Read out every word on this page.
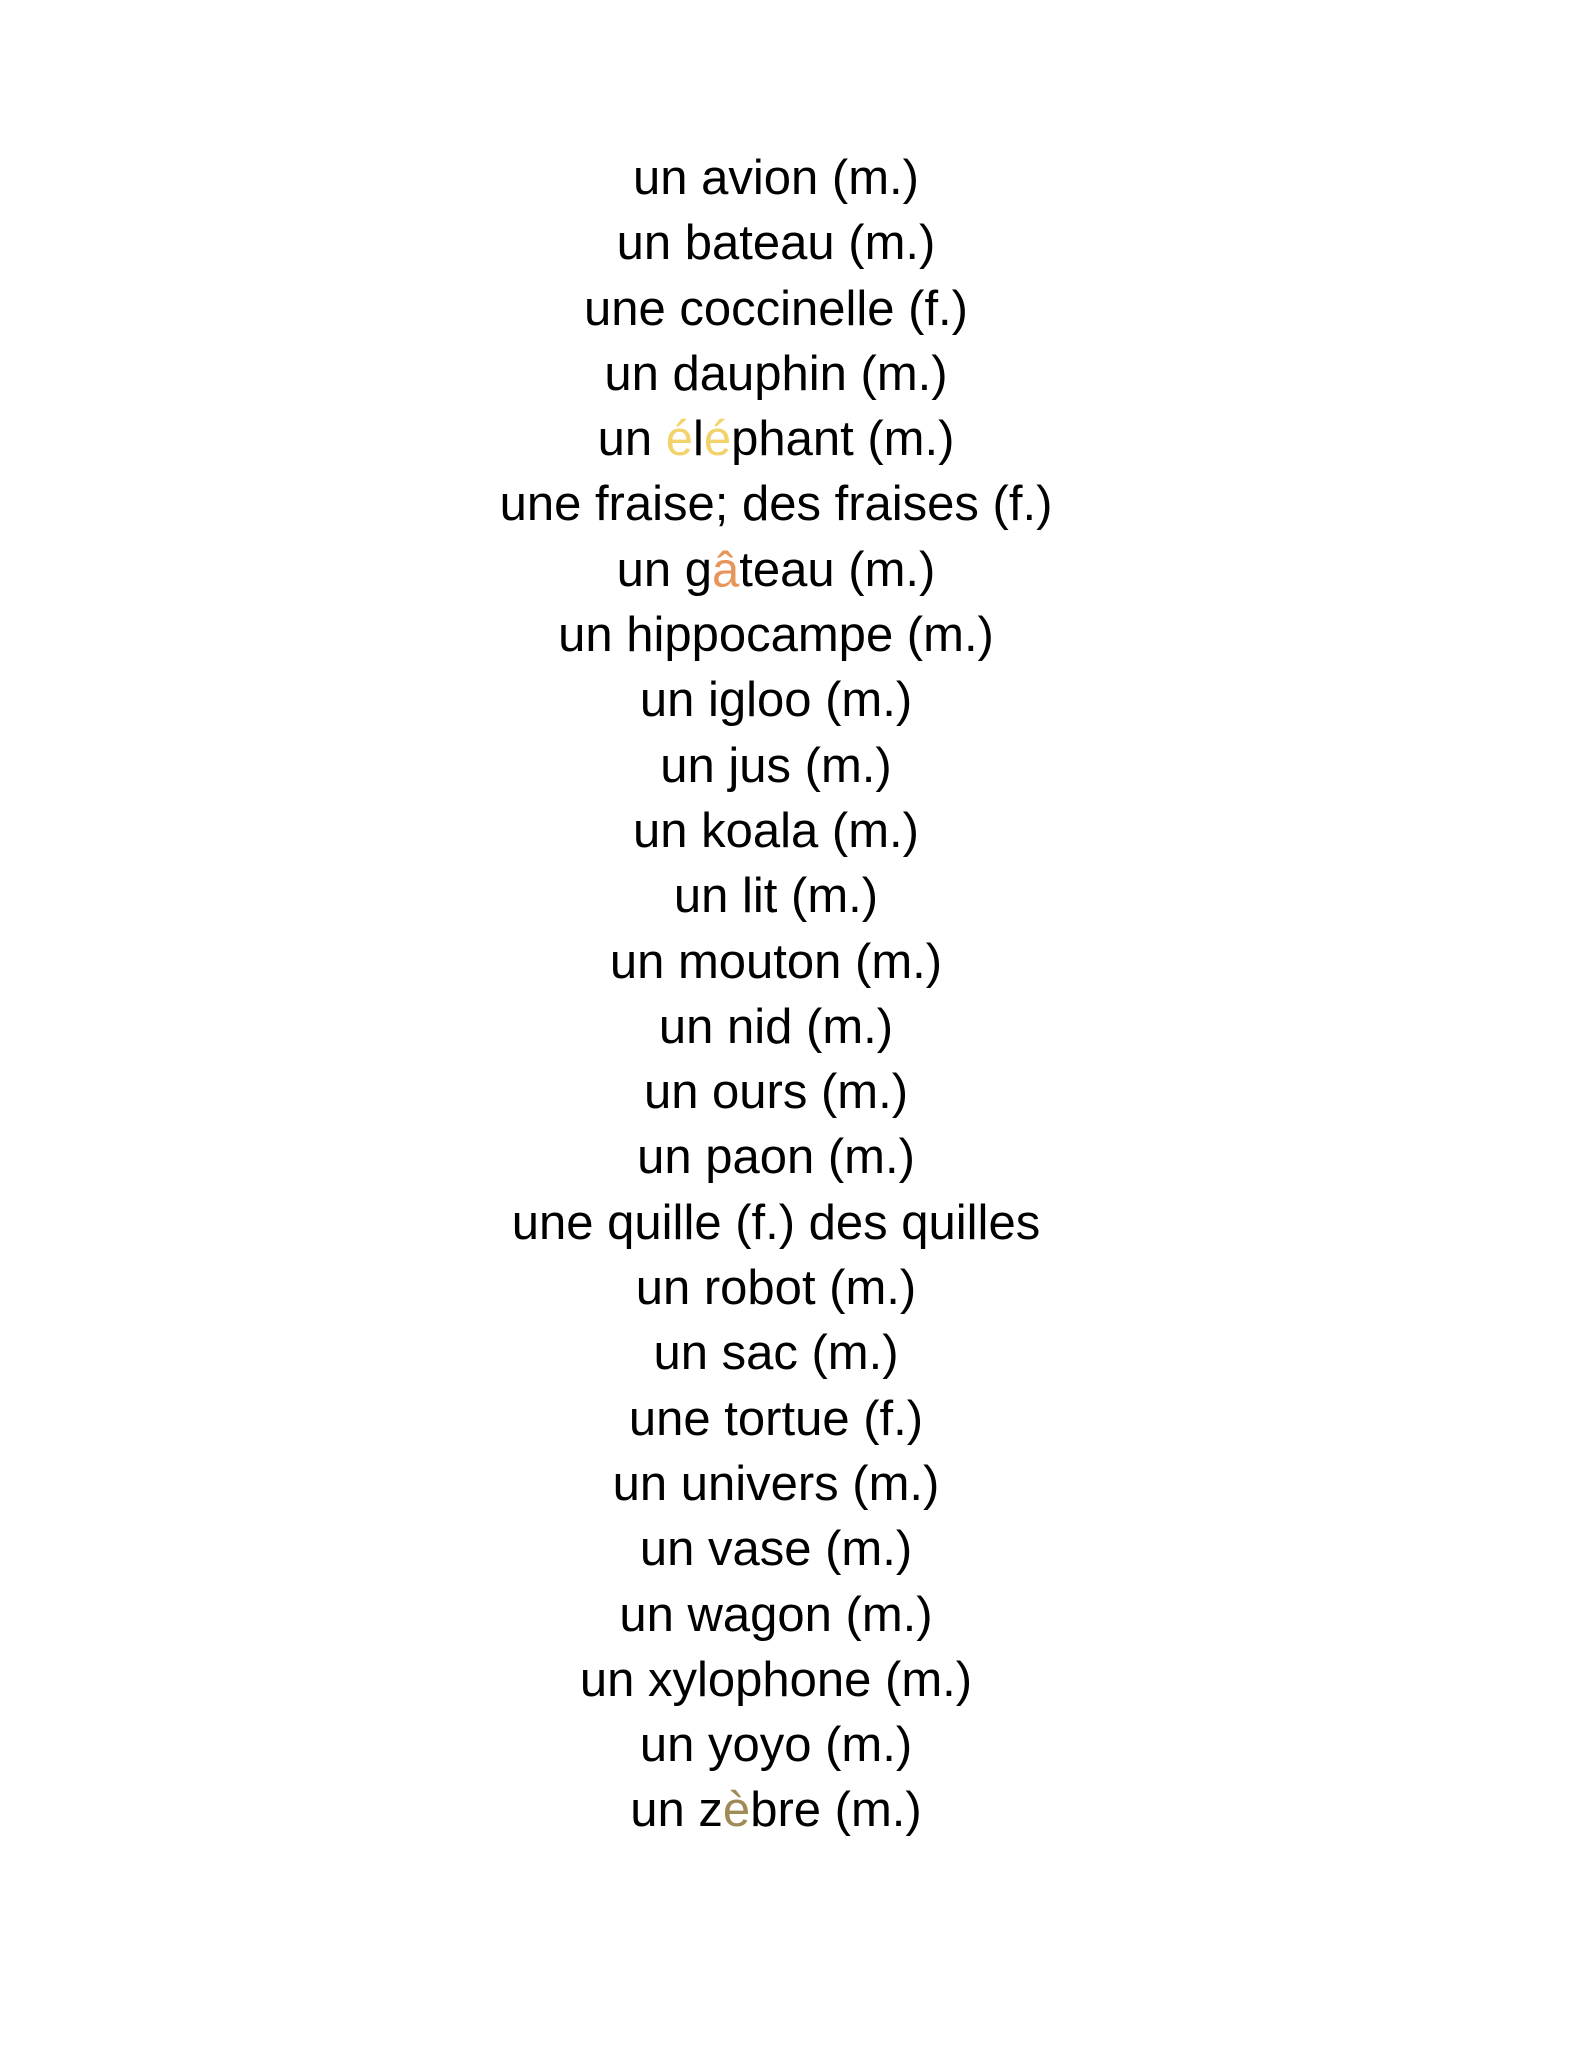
un avion (m.)
un bateau (m.)
une coccinelle (f.)
un dauphin (m.)
un éléphant (m.)
une fraise; des fraises (f.)
un gâteau (m.)
un hippocampe (m.)
un igloo (m.)
un jus (m.)
un koala (m.)
un lit (m.)
un mouton (m.)
un nid (m.)
un ours (m.)
un paon (m.)
une quille (f.) des quilles
un robot (m.)
un sac (m.)
une tortue (f.)
un univers (m.)
un vase (m.)
un wagon (m.)
un xylophone (m.)
un yoyo (m.)
un zèbre (m.)
